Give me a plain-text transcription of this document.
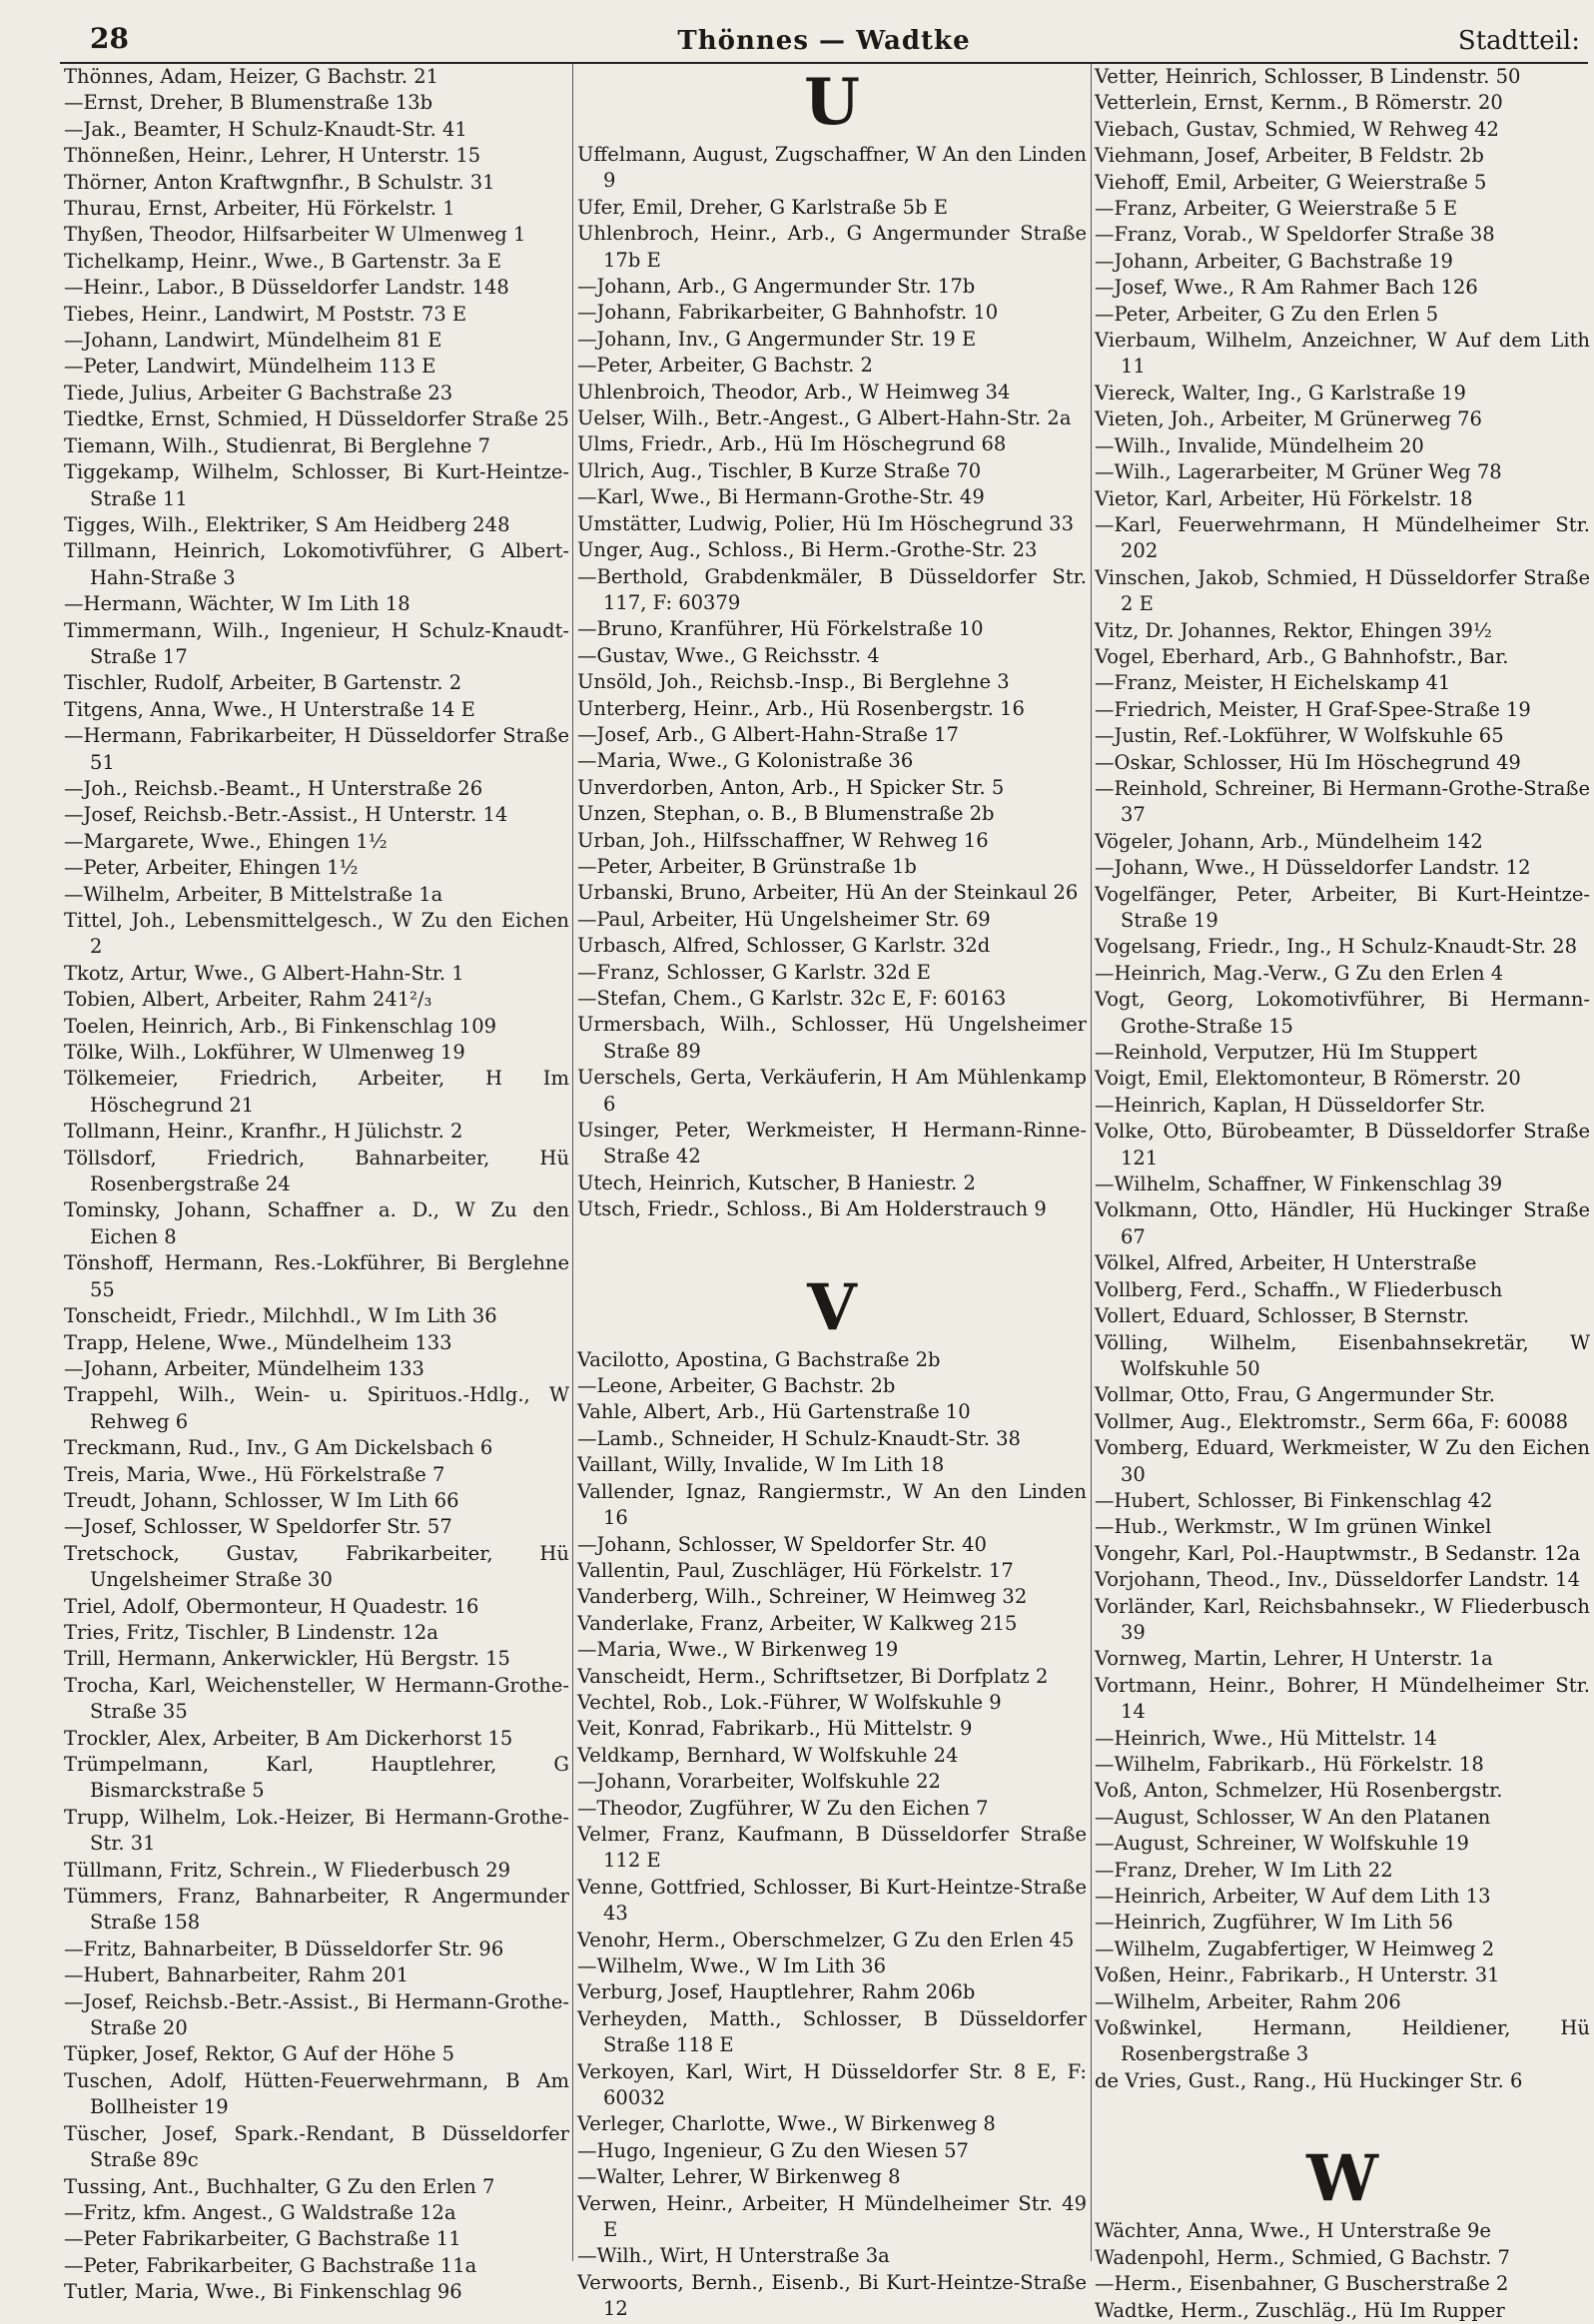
28	Thönnes — Wadtke	Stadtteil:
Thönnes, Adam, Heizer, G Bachstr. 21
—Ernst, Dreher, B Blumenstraße 13b
—Jak., Beamter, H Schulz-Knaudt-Str. 41
Thönneßen, Heinr., Lehrer, H Unterstr. 15
Thörner, Anton Kraftwgnfhr., B Schulstr. 31
Thurau, Ernst, Arbeiter, Hü Förkelstr. 1
Thyßen, Theodor, Hilfsarbeiter W Ulmenweg 1
Tichelkamp, Heinr., Wwe., B Gartenstr. 3a E
—Heinr., Labor., B Düsseldorfer Landstr. 148
Tiebes, Heinr., Landwirt, M Poststr. 73 E
—Johann, Landwirt, Mündelheim 81 E
—Peter, Landwirt, Mündelheim 113 E
Tiede, Julius, Arbeiter G Bachstraße 23
Tiedtke, Ernst, Schmied, H Düsseldorfer Straße 25
Tiemann, Wilh., Studienrat, Bi Berglehne 7
Tiggekamp, Wilhelm, Schlosser, Bi Kurt-Heintze-Straße 11
Tigges, Wilh., Elektriker, S Am Heidberg 248
Tillmann, Heinrich, Lokomotivführer, G Albert-Hahn-Straße 3
—Hermann, Wächter, W Im Lith 18
Timmermann, Wilh., Ingenieur, H Schulz-Knaudt-Straße 17
Tischler, Rudolf, Arbeiter, B Gartenstr. 2
Titgens, Anna, Wwe., H Unterstraße 14 E
—Hermann, Fabrikarbeiter, H Düsseldorfer Straße 51
—Joh., Reichsb.-Beamt., H Unterstraße 26
—Josef, Reichsb.-Betr.-Assist., H Unterstr. 14
—Margarete, Wwe., Ehingen 1½
—Peter, Arbeiter, Ehingen 1½
—Wilhelm, Arbeiter, B Mittelstraße 1a
Tittel, Joh., Lebensmittelgesch., W Zu den Eichen 2
Tkotz, Artur, Wwe., G Albert-Hahn-Str. 1
Tobien, Albert, Arbeiter, Rahm 241²/₃
Toelen, Heinrich, Arb., Bi Finkenschlag 109
Tölke, Wilh., Lokführer, W Ulmenweg 19
Tölkemeier, Friedrich, Arbeiter, H Im Höschegrund 21
Tollmann, Heinr., Kranfhr., H Jülichstr. 2
Töllsdorf, Friedrich, Bahnarbeiter, Hü Rosenbergstraße 24
Tominsky, Johann, Schaffner a. D., W Zu den Eichen 8
Tönshoff, Hermann, Res.-Lokführer, Bi Berglehne 55
Tonscheidt, Friedr., Milchhdl., W Im Lith 36
Trapp, Helene, Wwe., Mündelheim 133
—Johann, Arbeiter, Mündelheim 133
Trappehl, Wilh., Wein- u. Spirituos.-Hdlg., W Rehweg 6
Treckmann, Rud., Inv., G Am Dickelsbach 6
Treis, Maria, Wwe., Hü Förkelstraße 7
Treudt, Johann, Schlosser, W Im Lith 66
—Josef, Schlosser, W Speldorfer Str. 57
Tretschock, Gustav, Fabrikarbeiter, Hü Ungelsheimer Straße 30
Triel, Adolf, Obermonteur, H Quadestr. 16
Tries, Fritz, Tischler, B Lindenstr. 12a
Trill, Hermann, Ankerwickler, Hü Bergstr. 15
Trocha, Karl, Weichensteller, W Hermann-Grothe-Straße 35
Trockler, Alex, Arbeiter, B Am Dickerhorst 15
Trümpelmann, Karl, Hauptlehrer, G Bismarckstraße 5
Trupp, Wilhelm, Lok.-Heizer, Bi Hermann-Grothe-Str. 31
Tüllmann, Fritz, Schrein., W Fliederbusch 29
Tümmers, Franz, Bahnarbeiter, R Angermunder Straße 158
—Fritz, Bahnarbeiter, B Düsseldorfer Str. 96
—Hubert, Bahnarbeiter, Rahm 201
—Josef, Reichsb.-Betr.-Assist., Bi Hermann-Grothe-Straße 20
Tüpker, Josef, Rektor, G Auf der Höhe 5
Tuschen, Adolf, Hütten-Feuerwehrmann, B Am Bollheister 19
Tüscher, Josef, Spark.-Rendant, B Düsseldorfer Straße 89c
Tussing, Ant., Buchhalter, G Zu den Erlen 7
—Fritz, kfm. Angest., G Waldstraße 12a
—Peter Fabrikarbeiter, G Bachstraße 11
—Peter, Fabrikarbeiter, G Bachstraße 11a
Tutler, Maria, Wwe., Bi Finkenschlag 96
U
Uffelmann, August, Zugschaffner, W An den Linden 9
Ufer, Emil, Dreher, G Karlstraße 5b E
Uhlenbroch, Heinr., Arb., G Angermunder Straße 17b E
—Johann, Arb., G Angermunder Str. 17b
—Johann, Fabrikarbeiter, G Bahnhofstr. 10
—Johann, Inv., G Angermunder Str. 19 E
—Peter, Arbeiter, G Bachstr. 2
Uhlenbroich, Theodor, Arb., W Heimweg 34
Uelser, Wilh., Betr.-Angest., G Albert-Hahn-Str. 2a
Ulms, Friedr., Arb., Hü Im Höschegrund 68
Ulrich, Aug., Tischler, B Kurze Straße 70
—Karl, Wwe., Bi Hermann-Grothe-Str. 49
Umstätter, Ludwig, Polier, Hü Im Höschegrund 33
Unger, Aug., Schloss., Bi Herm.-Grothe-Str. 23
—Berthold, Grabdenkmäler, B Düsseldorfer Str. 117, F: 60379
—Bruno, Kranführer, Hü Förkelstraße 10
—Gustav, Wwe., G Reichsstr. 4
Unsöld, Joh., Reichsb.-Insp., Bi Berglehne 3
Unterberg, Heinr., Arb., Hü Rosenbergstr. 16
—Josef, Arb., G Albert-Hahn-Straße 17
—Maria, Wwe., G Kolonistraße 36
Unverdorben, Anton, Arb., H Spicker Str. 5
Unzen, Stephan, o. B., B Blumenstraße 2b
Urban, Joh., Hilfsschaffner, W Rehweg 16
—Peter, Arbeiter, B Grünstraße 1b
Urbanski, Bruno, Arbeiter, Hü An der Steinkaul 26
—Paul, Arbeiter, Hü Ungelsheimer Str. 69
Urbasch, Alfred, Schlosser, G Karlstr. 32d
—Franz, Schlosser, G Karlstr. 32d E
—Stefan, Chem., G Karlstr. 32c E, F: 60163
Urmersbach, Wilh., Schlosser, Hü Ungelsheimer Straße 89
Uerschels, Gerta, Verkäuferin, H Am Mühlenkamp 6
Usinger, Peter, Werkmeister, H Hermann-Rinne-Straße 42
Utech, Heinrich, Kutscher, B Haniestr. 2
Utsch, Friedr., Schloss., Bi Am Holderstrauch 9
V
Vacilotto, Apostina, G Bachstraße 2b
—Leone, Arbeiter, G Bachstr. 2b
Vahle, Albert, Arb., Hü Gartenstraße 10
—Lamb., Schneider, H Schulz-Knaudt-Str. 38
Vaillant, Willy, Invalide, W Im Lith 18
Vallender, Ignaz, Rangiermstr., W An den Linden 16
—Johann, Schlosser, W Speldorfer Str. 40
Vallentin, Paul, Zuschläger, Hü Förkelstr. 17
Vanderberg, Wilh., Schreiner, W Heimweg 32
Vanderlake, Franz, Arbeiter, W Kalkweg 215
—Maria, Wwe., W Birkenweg 19
Vanscheidt, Herm., Schriftsetzer, Bi Dorfplatz 2
Vechtel, Rob., Lok.-Führer, W Wolfskuhle 9
Veit, Konrad, Fabrikarb., Hü Mittelstr. 9
Veldkamp, Bernhard, W Wolfskuhle 24
—Johann, Vorarbeiter, Wolfskuhle 22
—Theodor, Zugführer, W Zu den Eichen 7
Velmer, Franz, Kaufmann, B Düsseldorfer Straße 112 E
Venne, Gottfried, Schlosser, Bi Kurt-Heintze-Straße 43
Venohr, Herm., Oberschmelzer, G Zu den Erlen 45
—Wilhelm, Wwe., W Im Lith 36
Verburg, Josef, Hauptlehrer, Rahm 206b
Verheyden, Matth., Schlosser, B Düsseldorfer Straße 118 E
Verkoyen, Karl, Wirt, H Düsseldorfer Str. 8 E, F: 60032
Verleger, Charlotte, Wwe., W Birkenweg 8
—Hugo, Ingenieur, G Zu den Wiesen 57
—Walter, Lehrer, W Birkenweg 8
Verwen, Heinr., Arbeiter, H Mündelheimer Str. 49 E
—Wilh., Wirt, H Unterstraße 3a
Verwoorts, Bernh., Eisenb., Bi Kurt-Heintze-Straße 12
Vetter, Heinrich, Schlosser, B Lindenstr. 50
Vetterlein, Ernst, Kernm., B Römerstr. 20
Viebach, Gustav, Schmied, W Rehweg 42
Viehmann, Josef, Arbeiter, B Feldstr. 2b
Viehoff, Emil, Arbeiter, G Weierstraße 5
—Franz, Arbeiter, G Weierstraße 5 E
—Franz, Vorab., W Speldorfer Straße 38
—Johann, Arbeiter, G Bachstraße 19
—Josef, Wwe., R Am Rahmer Bach 126
—Peter, Arbeiter, G Zu den Erlen 5
Vierbaum, Wilhelm, Anzeichner, W Auf dem Lith 11
Viereck, Walter, Ing., G Karlstraße 19
Vieten, Joh., Arbeiter, M Grünerweg 76
—Wilh., Invalide, Mündelheim 20
—Wilh., Lagerarbeiter, M Grüner Weg 78
Vietor, Karl, Arbeiter, Hü Förkelstr. 18
—Karl, Feuerwehrmann, H Mündelheimer Str. 202
Vinschen, Jakob, Schmied, H Düsseldorfer Straße 2 E
Vitz, Dr. Johannes, Rektor, Ehingen 39½
Vogel, Eberhard, Arb., G Bahnhofstr., Bar.
—Franz, Meister, H Eichelskamp 41
—Friedrich, Meister, H Graf-Spee-Straße 19
—Justin, Ref.-Lokführer, W Wolfskuhle 65
—Oskar, Schlosser, Hü Im Höschegrund 49
—Reinhold, Schreiner, Bi Hermann-Grothe-Straße 37
Vögeler, Johann, Arb., Mündelheim 142
—Johann, Wwe., H Düsseldorfer Landstr. 12
Vogelfänger, Peter, Arbeiter, Bi Kurt-Heintze-Straße 19
Vogelsang, Friedr., Ing., H Schulz-Knaudt-Str. 28
—Heinrich, Mag.-Verw., G Zu den Erlen 4
Vogt, Georg, Lokomotivführer, Bi Hermann-Grothe-Straße 15
—Reinhold, Verputzer, Hü Im Stuppert
Voigt, Emil, Elektomonteur, B Römerstr. 20
—Heinrich, Kaplan, H Düsseldorfer Str.
Volke, Otto, Bürobeamter, B Düsseldorfer Straße 121
—Wilhelm, Schaffner, W Finkenschlag 39
Volkmann, Otto, Händler, Hü Huckinger Straße 67
Völkel, Alfred, Arbeiter, H Unterstraße
Vollberg, Ferd., Schaffn., W Fliederbusch
Vollert, Eduard, Schlosser, B Sternstr.
Völling, Wilhelm, Eisenbahnsekretär, W Wolfskuhle 50
Vollmar, Otto, Frau, G Angermunder Str.
Vollmer, Aug., Elektromstr., Serm 66a, F: 60088
Vomberg, Eduard, Werkmeister, W Zu den Eichen 30
—Hubert, Schlosser, Bi Finkenschlag 42
—Hub., Werkmstr., W Im grünen Winkel
Vongehr, Karl, Pol.-Hauptwmstr., B Sedanstr. 12a
Vorjohann, Theod., Inv., Düsseldorfer Landstr. 14
Vorländer, Karl, Reichsbahnsekr., W Fliederbusch 39
Vornweg, Martin, Lehrer, H Unterstr. 1a
Vortmann, Heinr., Bohrer, H Mündelheimer Str. 14
—Heinrich, Wwe., Hü Mittelstr. 14
—Wilhelm, Fabrikarb., Hü Förkelstr. 18
Voß, Anton, Schmelzer, Hü Rosenbergstr.
—August, Schlosser, W An den Platanen
—August, Schreiner, W Wolfskuhle 19
—Franz, Dreher, W Im Lith 22
—Heinrich, Arbeiter, W Auf dem Lith 13
—Heinrich, Zugführer, W Im Lith 56
—Wilhelm, Zugabfertiger, W Heimweg 2
Voßen, Heinr., Fabrikarb., H Unterstr. 31
—Wilhelm, Arbeiter, Rahm 206
Voßwinkel, Hermann, Heildiener, Hü Rosenbergstraße 3
de Vries, Gust., Rang., Hü Huckinger Str. 6
W
Wächter, Anna, Wwe., H Unterstraße 9e
Wadenpohl, Herm., Schmied, G Bachstr. 7
—Herm., Eisenbahner, G Buscherstraße 2
Wadtke, Herm., Zuschläg., Hü Im Rupper
